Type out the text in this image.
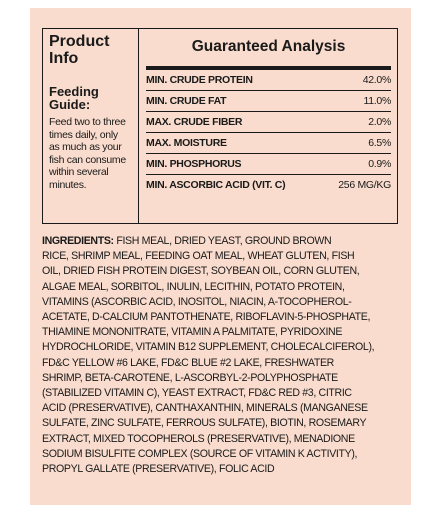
Product
Info
Feeding
Guide:
Feed two to three
times daily, only
as much as your
fish can consume
within several
minutes.
Guaranteed Analysis
MIN. CRUDE PROTEIN	42.0%
MIN. CRUDE FAT	11.0%
MAX. CRUDE FIBER	2.0%
MAX. MOISTURE	6.5%
MIN. PHOSPHORUS	0.9%
MIN. ASCORBIC ACID (VIT. C)	256 MG/KG
INGREDIENTS: FISH MEAL, DRIED YEAST, GROUND BROWN
RICE, SHRIMP MEAL, FEEDING OAT MEAL, WHEAT GLUTEN, FISH
OIL, DRIED FISH PROTEIN DIGEST, SOYBEAN OIL, CORN GLUTEN,
ALGAE MEAL, SORBITOL, INULIN, LECITHIN, POTATO PROTEIN,
VITAMINS (ASCORBIC ACID, INOSITOL, NIACIN, A-TOCOPHEROL-
ACETATE, D-CALCIUM PANTOTHENATE, RIBOFLAVIN-5-PHOSPHATE,
THIAMINE MONONITRATE, VITAMIN A PALMITATE, PYRIDOXINE
HYDROCHLORIDE, VITAMIN B12 SUPPLEMENT, CHOLECALCIFEROL),
FD&C YELLOW #6 LAKE, FD&C BLUE #2 LAKE, FRESHWATER
SHRIMP, BETA-CAROTENE, L-ASCORBYL-2-POLYPHOSPHATE
(STABILIZED VITAMIN C), YEAST EXTRACT, FD&C RED #3, CITRIC
ACID (PRESERVATIVE), CANTHAXANTHIN, MINERALS (MANGANESE
SULFATE, ZINC SULFATE, FERROUS SULFATE), BIOTIN, ROSEMARY
EXTRACT, MIXED TOCOPHEROLS (PRESERVATIVE), MENADIONE
SODIUM BISULFITE COMPLEX (SOURCE OF VITAMIN K ACTIVITY),
PROPYL GALLATE (PRESERVATIVE), FOLIC ACID
